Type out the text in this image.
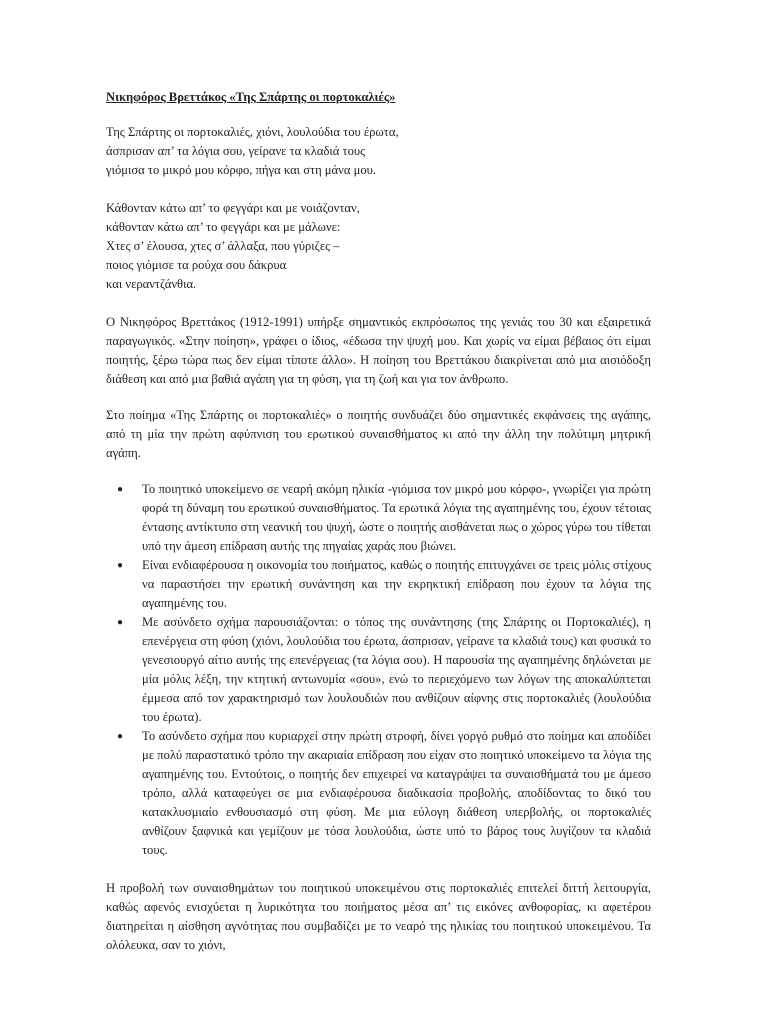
Νικηφόρος Βρεττάκος «Της Σπάρτης οι πορτοκαλιές»
Της Σπάρτης οι πορτοκαλιές, χιόνι, λουλούδια του έρωτα,
άσπρισαν απ’ τα λόγια σου, γείρανε τα κλαδιά τους
γιόμισα το μικρό μου κόρφο, πήγα και στη μάνα μου.
Κάθονταν κάτω απ’ το φεγγάρι και με νοιάζονταν,
κάθονταν κάτω απ’ το φεγγάρι και με μάλωνε:
Χτες σ’ έλουσα, χτες σ’ άλλαξα, που γύριζες –
ποιος γιόμισε τα ρούχα σου δάκρυα
και νεραντζάνθια.

Ο Νικηφόρος Βρεττάκος (1912-1991) υπήρξε σημαντικός εκπρόσωπος της γενιάς του 30 και εξαιρετικά παραγωγικός. «Στην ποίηση», γράφει ο ίδιος, «έδωσα την ψυχή μου. Και χωρίς να είμαι βέβαιος ότι είμαι ποιητής, ξέρω τώρα πως δεν είμαι τίποτε άλλο». Η ποίηση του Βρεττάκου διακρίνεται από μια αισιόδοξη διάθεση και από μια βαθιά αγάπη για τη φύση, για τη ζωή και για τον άνθρωπο.

Στο ποίημα «Της Σπάρτης οι πορτοκαλιές» ο ποιητής συνδυάζει δύο σημαντικές εκφάνσεις της αγάπης, από τη μία την πρώτη αφύπνιση του ερωτικού συναισθήματος κι από την άλλη την πολύτιμη μητρική αγάπη.

● Το ποιητικό υποκείμενο σε νεαρή ακόμη ηλικία -γιόμισα τον μικρό μου κόρφο-, γνωρίζει για πρώτη φορά τη δύναμη του ερωτικού συναισθήματος. Τα ερωτικά λόγια της αγαπημένης του, έχουν τέτοιας έντασης αντίκτυπο στη νεανική του ψυχή, ώστε ο ποιητής αισθάνεται πως ο χώρος γύρω του τίθεται υπό την άμεση επίδραση αυτής της πηγαίας χαράς που βιώνει.
● Είναι ενδιαφέρουσα η οικονομία του ποιήματος, καθώς ο ποιητής επιτυγχάνει σε τρεις μόλις στίχους να παραστήσει την ερωτική συνάντηση και την εκρηκτική επίδραση που έχουν τα λόγια της αγαπημένης του.
● Με ασύνδετο σχήμα παρουσιάζονται: ο τόπος της συνάντησης (της Σπάρτης οι Πορτοκαλιές), η επενέργεια στη φύση (χιόνι, λουλούδια του έρωτα, άσπρισαν, γείρανε τα κλαδιά τους) και φυσικά το γενεσιουργό αίτιο αυτής της επενέργειας (τα λόγια σου). Η παρουσία της αγαπημένης δηλώνεται με μία μόλις λέξη, την κτητική αντωνυμία «σου», ενώ το περιεχόμενο των λόγων της αποκαλύπτεται έμμεσα από τον χαρακτηρισμό των λουλουδιών που ανθίζουν αίφνης στις πορτοκαλιές (λουλούδια του έρωτα).
● Το ασύνδετο σχήμα που κυριαρχεί στην πρώτη στροφή, δίνει γοργό ρυθμό στο ποίημα και αποδίδει με πολύ παραστατικό τρόπο την ακαριαία επίδραση που είχαν στο ποιητικό υποκείμενο τα λόγια της αγαπημένης του. Εντούτοις, ο ποιητής δεν επιχειρεί να καταγράψει τα συναισθήματά του με άμεσο τρόπο, αλλά καταφεύγει σε μια ενδιαφέρουσα διαδικασία προβολής, αποδίδοντας το δικό του κατακλυσμιαίο ενθουσιασμό στη φύση. Με μια εύλογη διάθεση υπερβολής, οι πορτοκαλιές ανθίζουν ξαφνικά και γεμίζουν με τόσα λουλούδια, ώστε υπό το βάρος τους λυγίζουν τα κλαδιά τους.

Η προβολή των συναισθημάτων του ποιητικού υποκειμένου στις πορτοκαλιές επιτελεί διττή λειτουργία, καθώς αφενός ενισχύεται η λυρικότητα του ποιήματος μέσα απ’ τις εικόνες ανθοφορίας, κι αφετέρου διατηρείται η αίσθηση αγνότητας που συμβαδίζει με το νεαρό της ηλικίας του ποιητικού υποκειμένου. Τα ολόλευκα, σαν το χιόνι,
